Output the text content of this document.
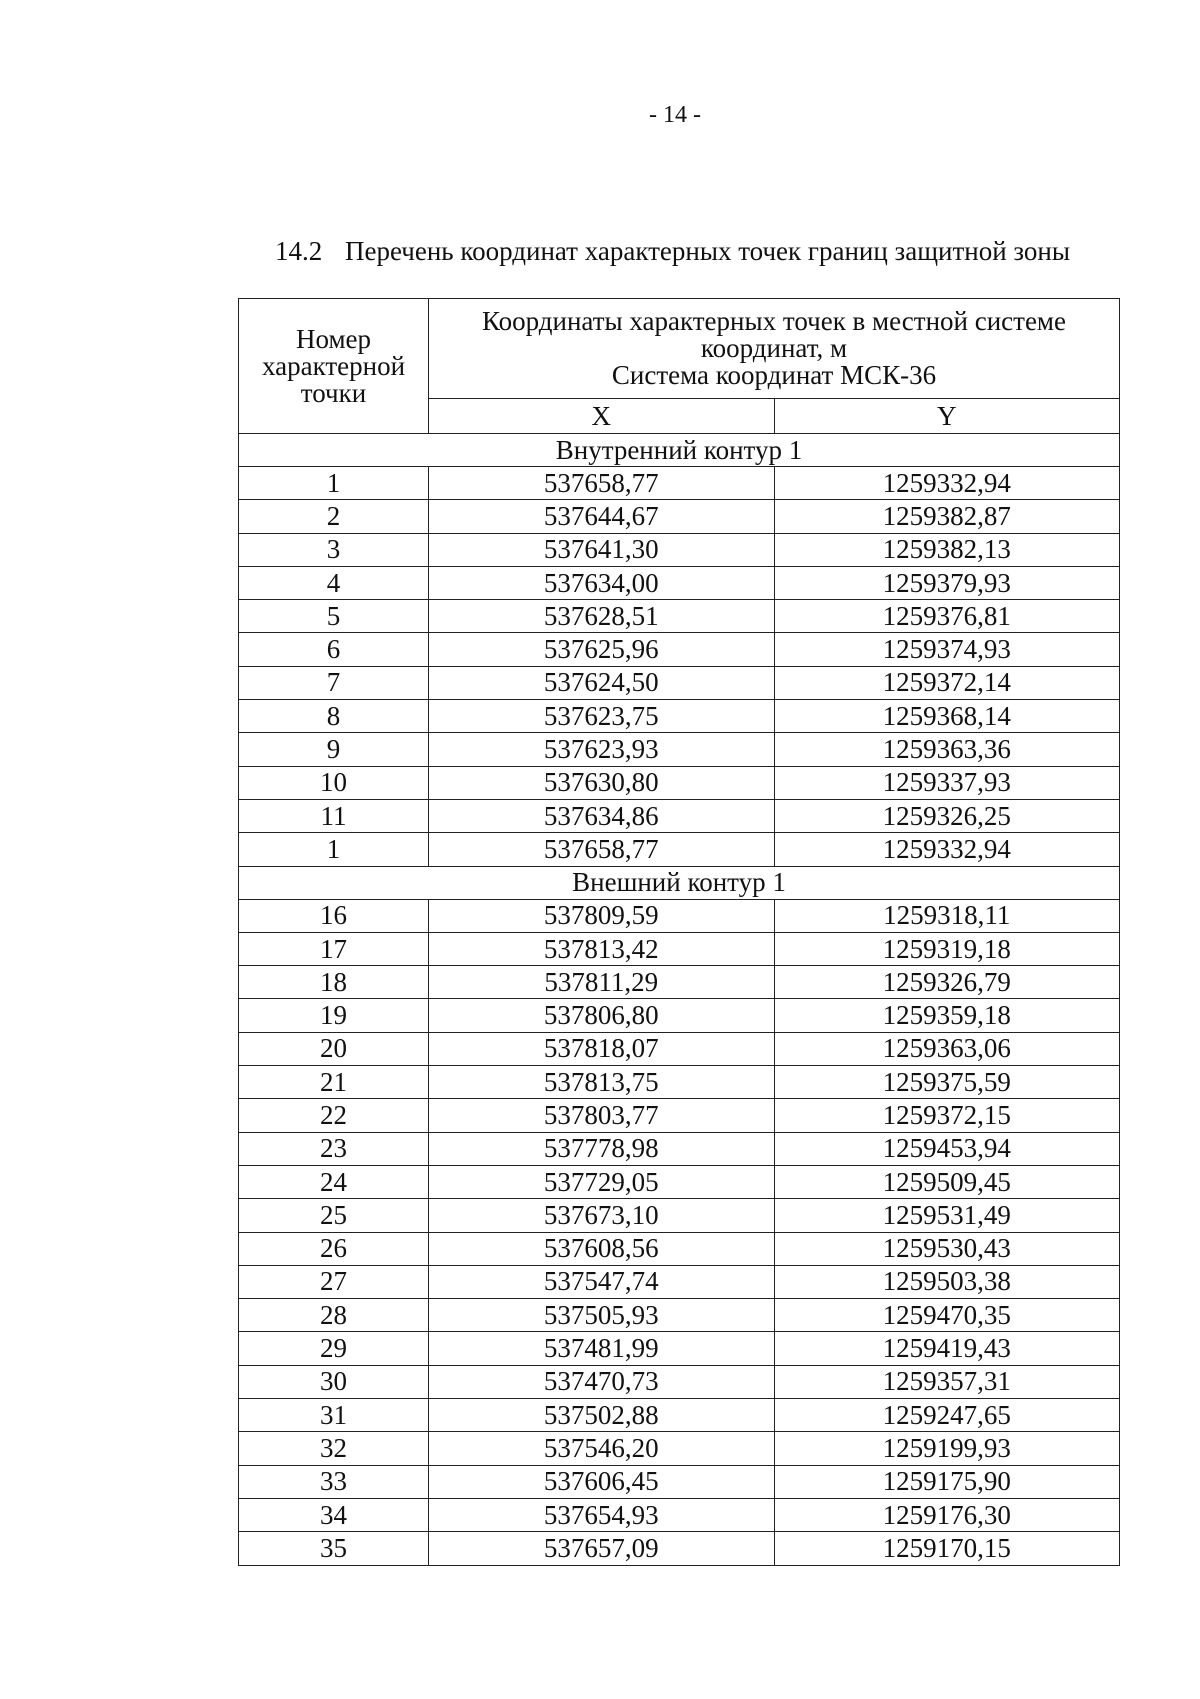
- 14 -
14.2 Перечень координат характерных точек границ защитной зоны
Номер
характерной
точки	Координаты характерных точек в местной системе
координат, м
Система координат МСК-36	
	X	Y
Внутренний контур 1		
1	537658,77	1259332,94
2	537644,67	1259382,87
3	537641,30	1259382,13
4	537634,00	1259379,93
5	537628,51	1259376,81
6	537625,96	1259374,93
7	537624,50	1259372,14
8	537623,75	1259368,14
9	537623,93	1259363,36
10	537630,80	1259337,93
11	537634,86	1259326,25
1	537658,77	1259332,94
Внешний контур 1		
16	537809,59	1259318,11
17	537813,42	1259319,18
18	537811,29	1259326,79
19	537806,80	1259359,18
20	537818,07	1259363,06
21	537813,75	1259375,59
22	537803,77	1259372,15
23	537778,98	1259453,94
24	537729,05	1259509,45
25	537673,10	1259531,49
26	537608,56	1259530,43
27	537547,74	1259503,38
28	537505,93	1259470,35
29	537481,99	1259419,43
30	537470,73	1259357,31
31	537502,88	1259247,65
32	537546,20	1259199,93
33	537606,45	1259175,90
34	537654,93	1259176,30
35	537657,09	1259170,15
